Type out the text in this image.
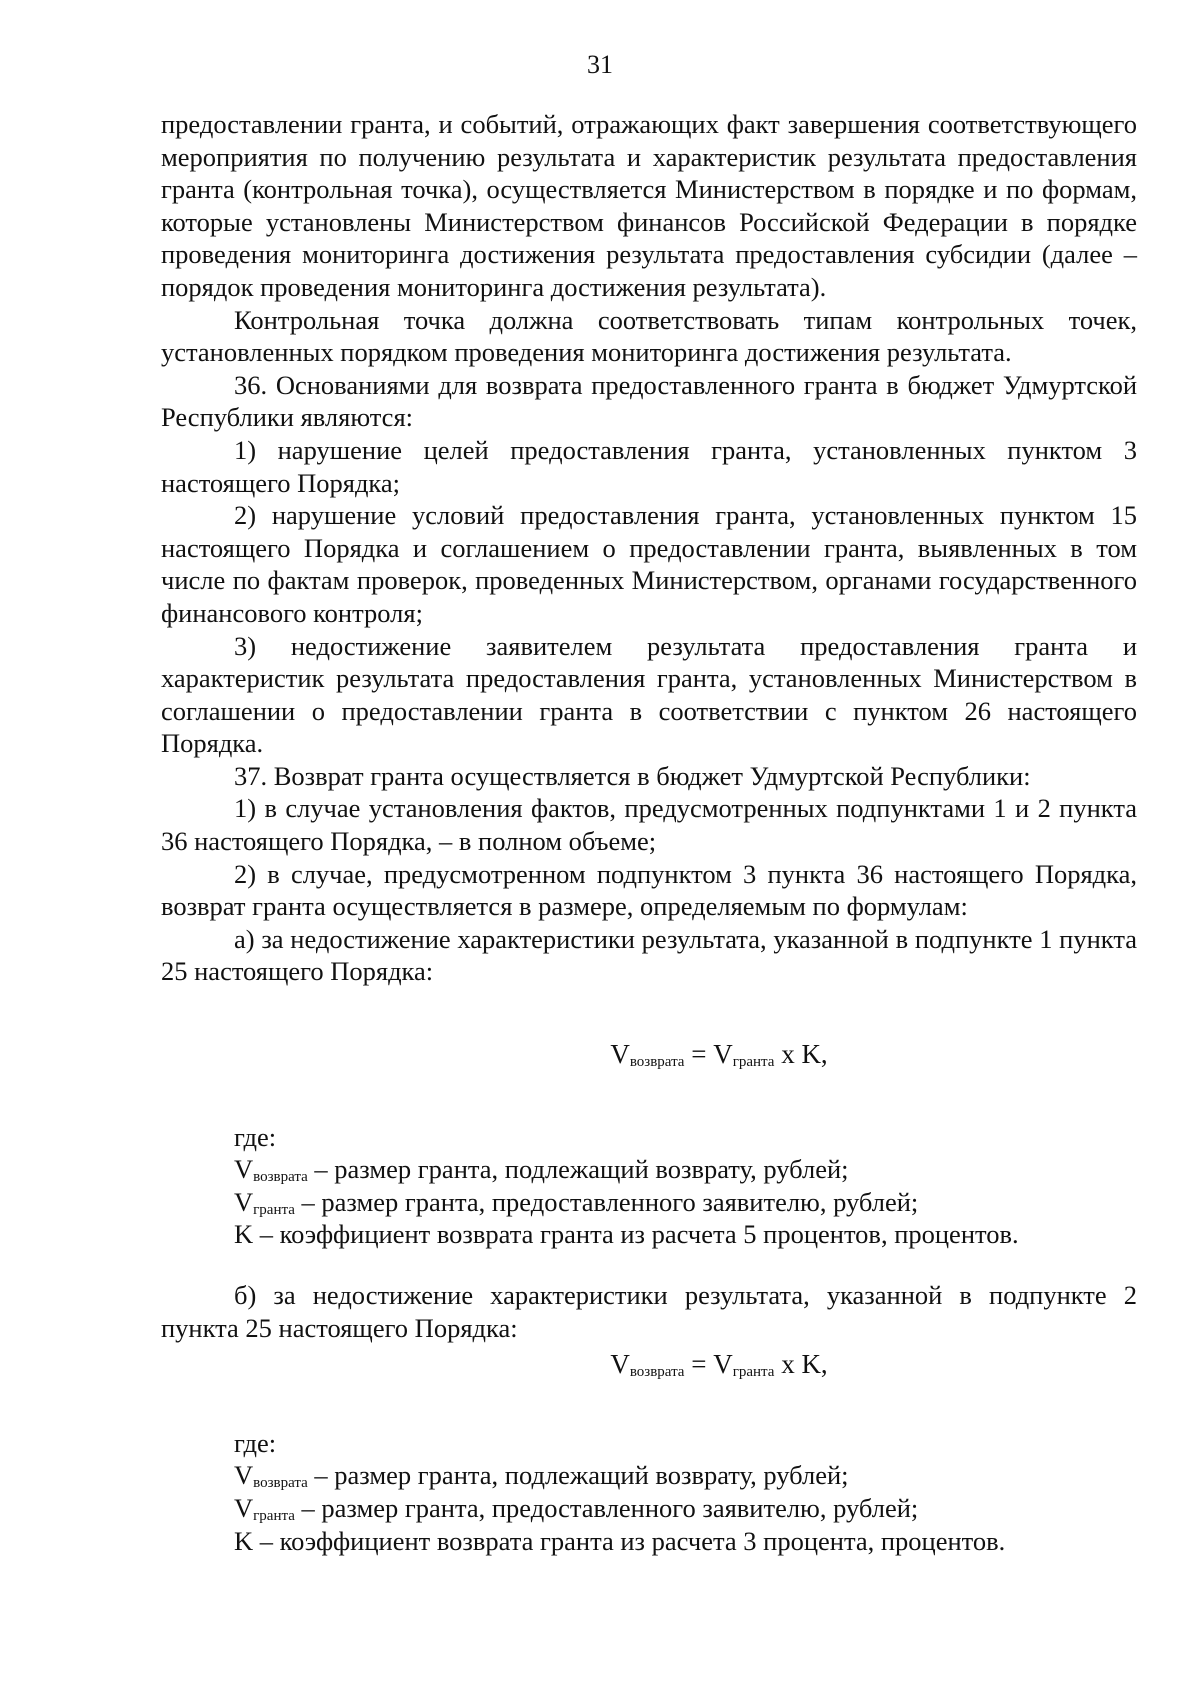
31

предоставлении гранта, и событий, отражающих факт завершения соответствующего мероприятия по получению результата и характеристик результата предоставления гранта (контрольная точка), осуществляется Министерством в порядке и по формам, которые установлены Министерством финансов Российской Федерации в порядке проведения мониторинга достижения результата предоставления субсидии (далее – порядок проведения мониторинга достижения результата).

Контрольная точка должна соответствовать типам контрольных точек, установленных порядком проведения мониторинга достижения результата.

36. Основаниями для возврата предоставленного гранта в бюджет Удмуртской Республики являются:

1) нарушение целей предоставления гранта, установленных пунктом 3 настоящего Порядка;

2) нарушение условий предоставления гранта, установленных пунктом 15 настоящего Порядка и соглашением о предоставлении гранта, выявленных в том числе по фактам проверок, проведенных Министерством, органами государственного финансового контроля;

3) недостижение заявителем результата предоставления гранта и характеристик результата предоставления гранта, установленных Министерством в соглашении о предоставлении гранта в соответствии с пунктом 26 настоящего Порядка.

37. Возврат гранта осуществляется в бюджет Удмуртской Республики:

1) в случае установления фактов, предусмотренных подпунктами 1 и 2 пункта 36 настоящего Порядка, – в полном объеме;

2) в случае, предусмотренном подпунктом 3 пункта 36 настоящего Порядка, возврат гранта осуществляется в размере, определяемым по формулам:

а) за недостижение характеристики результата, указанной в подпункте 1 пункта 25 настоящего Порядка:

$V_{возврата} = V_{гранта}$ x K,
где:
$V_{возврата}$ – размер гранта, подлежащий возврату, рублей;
$V_{гранта}$ – размер гранта, предоставленного заявителю, рублей;
K – коэффициент возврата гранта из расчета 5 процентов, процентов.

б) за недостижение характеристики результата, указанной в подпункте 2 пункта 25 настоящего Порядка:

$V_{возврата} = V_{гранта}$ x K,
где:
$V_{возврата}$ – размер гранта, подлежащий возврату, рублей;
$V_{гранта}$ – размер гранта, предоставленного заявителю, рублей;
K – коэффициент возврата гранта из расчета 3 процента, процентов.
